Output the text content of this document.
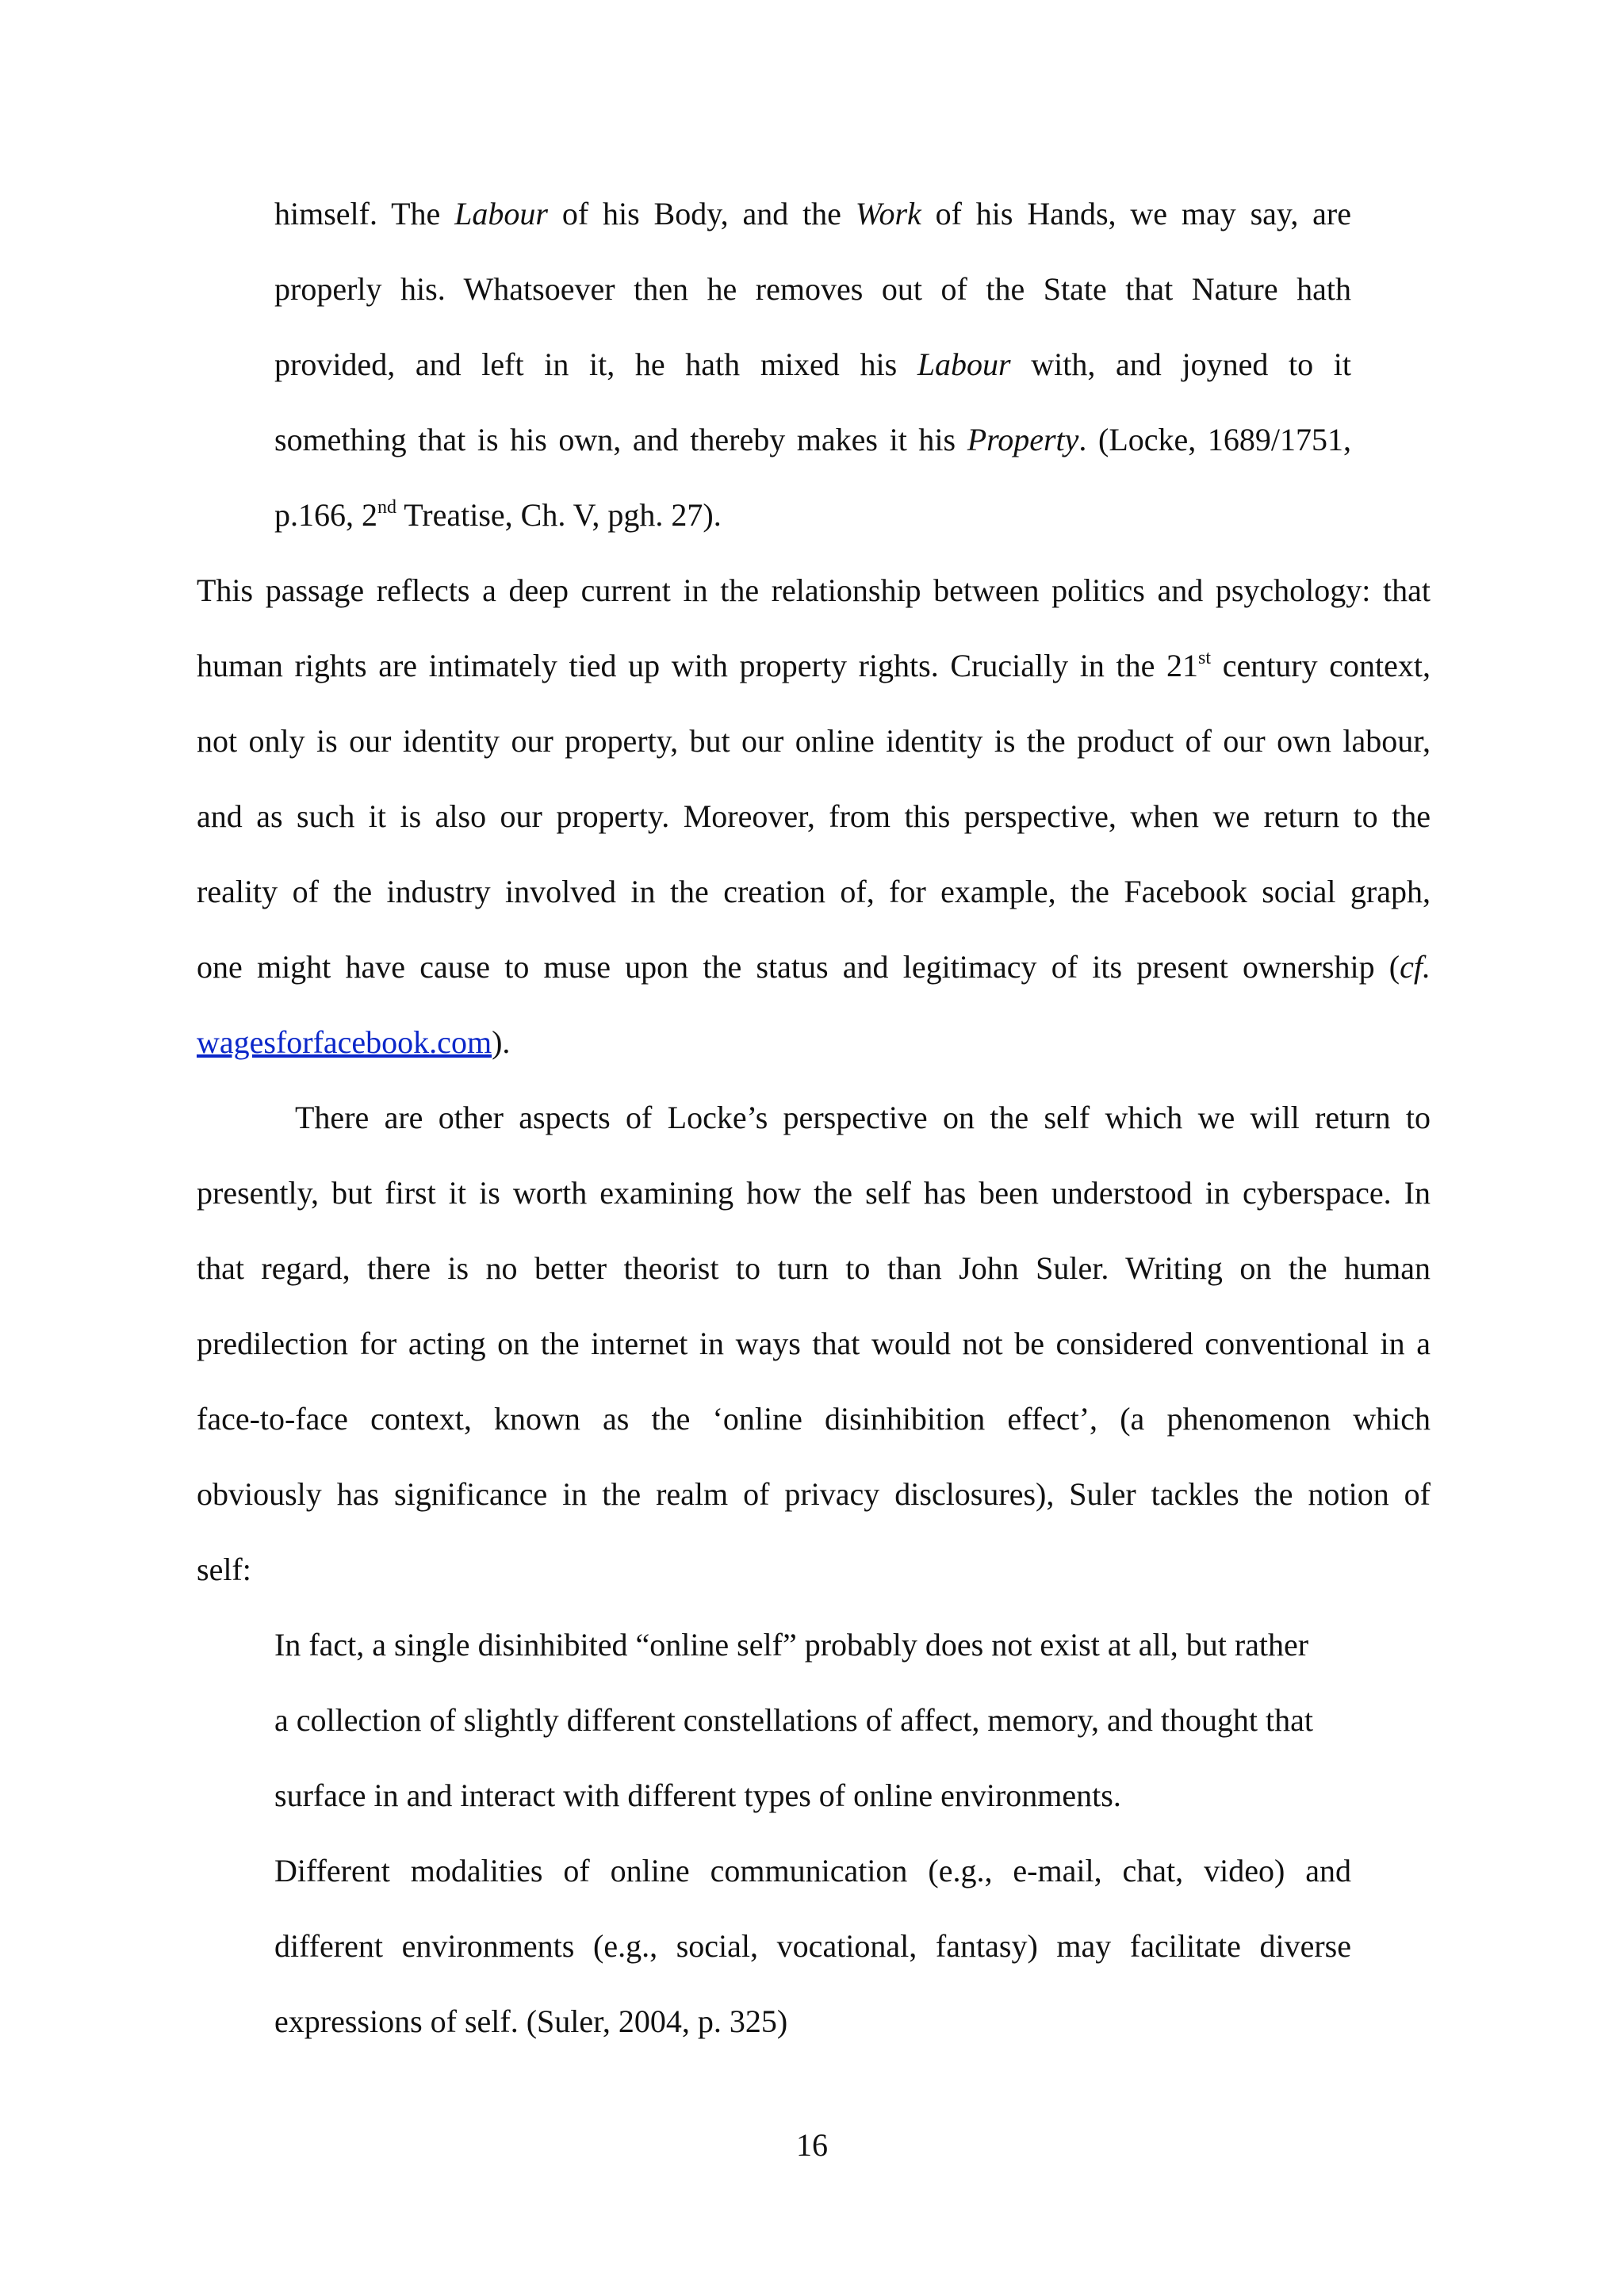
himself. The Labour of his Body, and the Work of his Hands, we may say, are
properly his. Whatsoever then he removes out of the State that Nature hath
provided, and left in it, he hath mixed his Labour with, and joyned to it
something that is his own, and thereby makes it his Property. (Locke, 1689/1751,
p.166, 2nd Treatise, Ch. V, pgh. 27).
This passage reflects a deep current in the relationship between politics and psychology: that
human rights are intimately tied up with property rights. Crucially in the 21st century context,
not only is our identity our property, but our online identity is the product of our own labour,
and as such it is also our property. Moreover, from this perspective, when we return to the
reality of the industry involved in the creation of, for example, the Facebook social graph,
one might have cause to muse upon the status and legitimacy of its present ownership (cf.
wagesforfacebook.com).
There are other aspects of Locke’s perspective on the self which we will return to
presently, but first it is worth examining how the self has been understood in cyberspace. In
that regard, there is no better theorist to turn to than John Suler. Writing on the human
predilection for acting on the internet in ways that would not be considered conventional in a
face-to-face context, known as the ‘online disinhibition effect’, (a phenomenon which
obviously has significance in the realm of privacy disclosures), Suler tackles the notion of
self:
In fact, a single disinhibited “online self” probably does not exist at all, but rather
a collection of slightly different constellations of affect, memory, and thought that
surface in and interact with different types of online environments.
Different modalities of online communication (e.g., e-mail, chat, video) and
different environments (e.g., social, vocational, fantasy) may facilitate diverse
expressions of self. (Suler, 2004, p. 325)
16
